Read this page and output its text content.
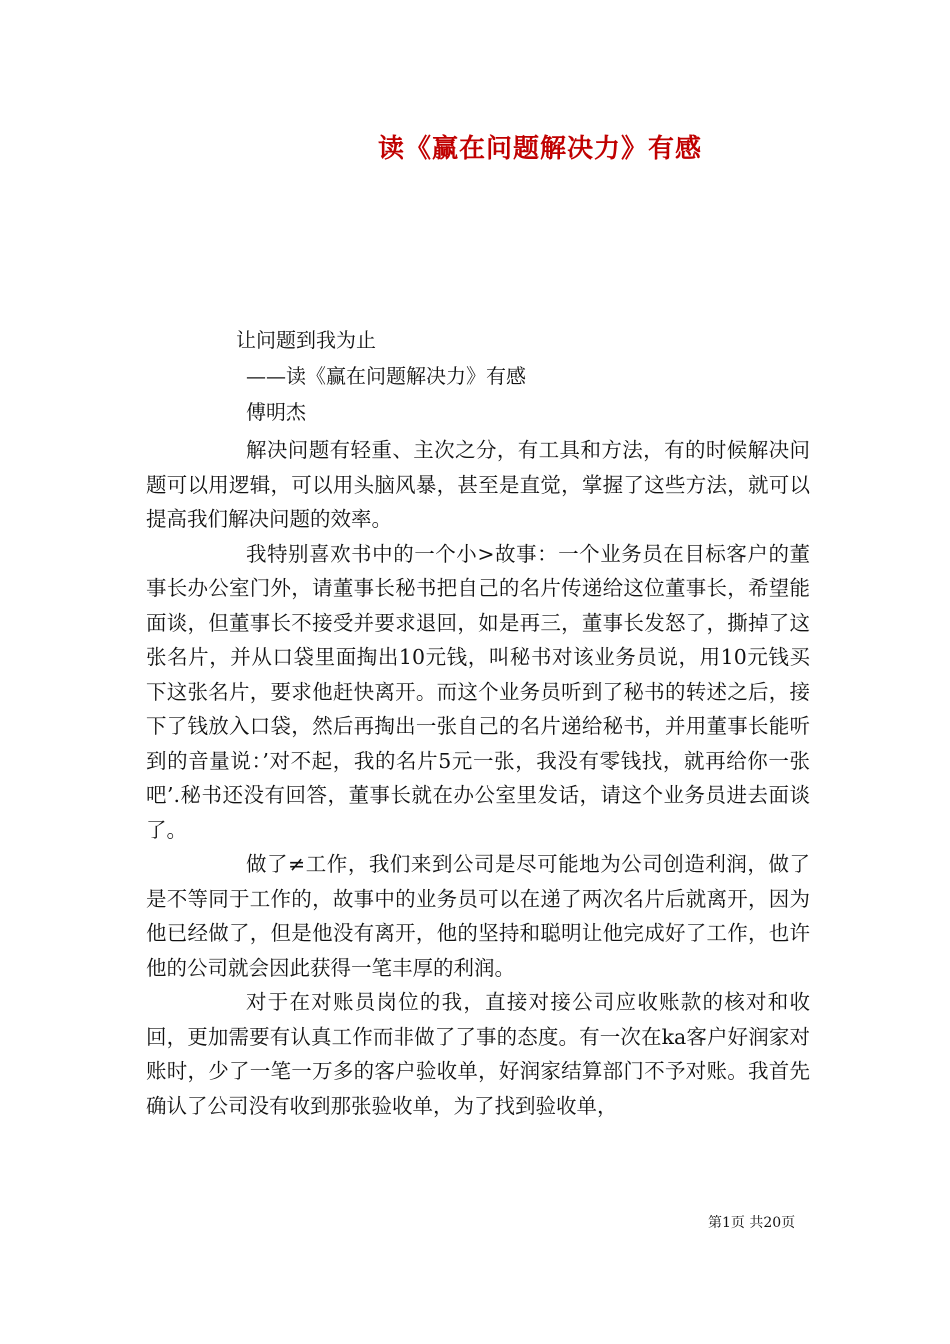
读《赢在问题解决力》有感
让问题到我为止
——读《赢在问题解决力》有感
傅明杰

解决问题有轻重、主次之分，有工具和方法，有的时候解决问题可以用逻辑，可以用头脑风暴，甚至是直觉，掌握了这些方法，就可以提高我们解决问题的效率。

我特别喜欢书中的一个小>故事：一个业务员在目标客户的董事长办公室门外，请董事长秘书把自己的名片传递给这位董事长，希望能面谈，但董事长不接受并要求退回，如是再三，董事长发怒了，撕掉了这张名片，并从口袋里面掏出10元钱，叫秘书对该业务员说，用10元钱买下这张名片，要求他赶快离开。而这个业务员听到了秘书的转述之后，接下了钱放入口袋，然后再掏出一张自己的名片递给秘书，并用董事长能听到的音量说：’对不起，我的名片5元一张，我没有零钱找，就再给你一张吧’.秘书还没有回答，董事长就在办公室里发话，请这个业务员进去面谈了。

做了≠工作，我们来到公司是尽可能地为公司创造利润，做了是不等同于工作的，故事中的业务员可以在递了两次名片后就离开，因为他已经做了，但是他没有离开，他的坚持和聪明让他完成好了工作，也许他的公司就会因此获得一笔丰厚的利润。

对于在对账员岗位的我，直接对接公司应收账款的核对和收回，更加需要有认真工作而非做了了事的态度。有一次在ka客户好润家对账时，少了一笔一万多的客户验收单，好润家结算部门不予对账。我首先确认了公司没有收到那张验收单，为了找到验收单，

第1页 共20页
